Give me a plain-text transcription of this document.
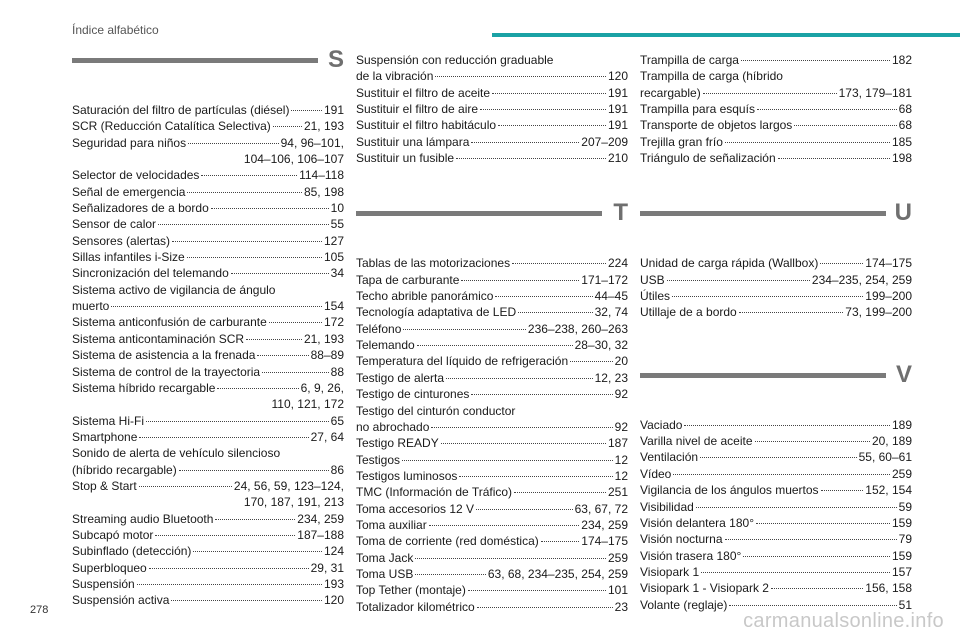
Índice alfabético
S
Saturación del filtro de partículas (diésel)	191
SCR (Reducción Catalítica Selectiva)	21, 193
Seguridad para niños	94, 96–101,
104–106, 106–107
Selector de velocidades	114–118
Señal de emergencia	85, 198
Señalizadores de a bordo	10
Sensor de calor	55
Sensores (alertas)	127
Sillas infantiles i-Size	105
Sincronización del telemando	34
Sistema activo de vigilancia de ángulo
muerto	154
Sistema anticonfusión de carburante	172
Sistema anticontaminación SCR	21, 193
Sistema de asistencia a la frenada	88–89
Sistema de control de la trayectoria	88
Sistema híbrido recargable	6, 9, 26,
110, 121, 172
Sistema Hi-Fi	65
Smartphone	27, 64
Sonido de alerta de vehículo silencioso
(híbrido recargable)	86
Stop & Start	24, 56, 59, 123–124,
170, 187, 191, 213
Streaming audio Bluetooth	234, 259
Subcapó motor	187–188
Subinflado (detección)	124
Superbloqueo	29, 31
Suspensión	193
Suspensión activa	120
Suspensión con reducción graduable
de la vibración	120
Sustituir el filtro de aceite	191
Sustituir el filtro de aire	191
Sustituir el filtro habitáculo	191
Sustituir una lámpara	207–209
Sustituir un fusible	210
T
Tablas de las motorizaciones	224
Tapa de carburante	171–172
Techo abrible panorámico	44–45
Tecnología adaptativa de LED	32, 74
Teléfono	236–238, 260–263
Telemando	28–30, 32
Temperatura del líquido de refrigeración	20
Testigo de alerta	12, 23
Testigo de cinturones	92
Testigo del cinturón conductor
no abrochado	92
Testigo READY	187
Testigos	12
Testigos luminosos	12
TMC (Información de Tráfico)	251
Toma accesorios 12 V	63, 67, 72
Toma auxiliar	234, 259
Toma de corriente (red doméstica)	174–175
Toma Jack	259
Toma USB	63, 68, 234–235, 254, 259
Top Tether (montaje)	101
Totalizador kilométrico	23
Trampilla de carga	182
Trampilla de carga (híbrido
recargable)	173, 179–181
Trampilla para esquís	68
Transporte de objetos largos	68
Trejilla gran frío	185
Triángulo de señalización	198
U
Unidad de carga rápida (Wallbox)	174–175
USB	234–235, 254, 259
Útiles	199–200
Utillaje de a bordo	73, 199–200
V
Vaciado	189
Varilla nivel de aceite	20, 189
Ventilación	55, 60–61
Vídeo	259
Vigilancia de los ángulos muertos	152, 154
Visibilidad	59
Visión delantera 180°	159
Visión nocturna	79
Visión trasera 180°	159
Visiopark 1	157
Visiopark 1 - Visiopark 2	156, 158
Volante (reglaje)	51
278	carmanualsonline.info
